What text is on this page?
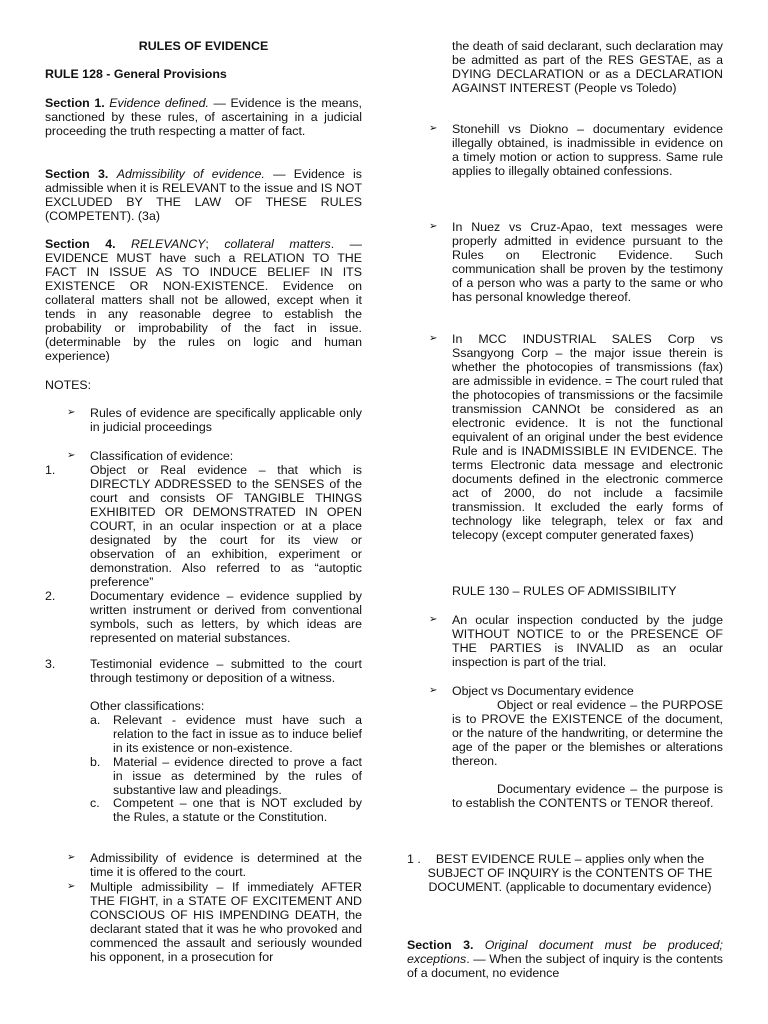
RULES OF EVIDENCE

RULE 128 - General Provisions

Section 1. Evidence defined. — Evidence is the means, sanctioned by these rules, of ascertaining in a judicial proceeding the truth respecting a matter of fact.

Section 3. Admissibility of evidence. — Evidence is admissible when it is RELEVANT to the issue and IS NOT EXCLUDED BY THE LAW OF THESE RULES (COMPETENT). (3a)

Section 4. RELEVANCY; collateral matters. — EVIDENCE MUST have such a RELATION TO THE FACT IN ISSUE AS TO INDUCE BELIEF IN ITS EXISTENCE OR NON-EXISTENCE. Evidence on collateral matters shall not be allowed, except when it tends in any reasonable degree to establish the probability or improbability of the fact in issue. (determinable by the rules on logic and human experience)

NOTES:

➢ Rules of evidence are specifically applicable only in judicial proceedings

➢ Classification of evidence:

1.	Object or Real evidence – that which is DIRECTLY ADDRESSED to the SENSES of the court and consists OF TANGIBLE THINGS EXHIBITED OR DEMONSTRATED IN OPEN COURT, in an ocular inspection or at a place designated by the court for its view or observation of an exhibition, experiment or demonstration. Also referred to as “autoptic preference”

2.	Documentary evidence – evidence supplied by written instrument or derived from conventional symbols, such as letters, by which ideas are represented on material substances.

3.	Testimonial evidence – submitted to the court through testimony or deposition of a witness.

Other classifications:

a. Relevant - evidence must have such a relation to the fact in issue as to induce belief in its existence or non-existence.

b. Material – evidence directed to prove a fact in issue as determined by the rules of substantive law and pleadings.

c. Competent – one that is NOT excluded by the Rules, a statute or the Constitution.

➢ Admissibility of evidence is determined at the time it is offered to the court.

➢ Multiple admissibility – If immediately AFTER THE FIGHT, in a STATE OF EXCITEMENT AND CONSCIOUS OF HIS IMPENDING DEATH, the declarant stated that it was he who provoked and commenced the assault and seriously wounded his opponent, in a prosecution for

the death of said declarant, such declaration may be admitted as part of the RES GESTAE, as a DYING DECLARATION or as a DECLARATION AGAINST INTEREST (People vs Toledo)

➢ Stonehill vs Diokno – documentary evidence illegally obtained, is inadmissible in evidence on a timely motion or action to suppress. Same rule applies to illegally obtained confessions.

➢ In Nuez vs Cruz-Apao, text messages were properly admitted in evidence pursuant to the Rules on Electronic Evidence. Such communication shall be proven by the testimony of a person who was a party to the same or who has personal knowledge thereof.

➢ In MCC INDUSTRIAL SALES Corp vs Ssangyong Corp – the major issue therein is whether the photocopies of transmissions (fax) are admissible in evidence. = The court ruled that the photocopies of transmissions or the facsimile transmission CANNOt be considered as an electronic evidence. It is not the functional equivalent of an original under the best evidence Rule and is INADMISSIBLE IN EVIDENCE. The terms Electronic data message and electronic documents defined in the electronic commerce act of 2000, do not include a facsimile transmission. It excluded the early forms of technology like telegraph, telex or fax and telecopy (except computer generated faxes)

RULE 130 – RULES OF ADMISSIBILITY

➢ An ocular inspection conducted by the judge WITHOUT NOTICE to or the PRESENCE OF THE PARTIES is INVALID as an ocular inspection is part of the trial.

➢ Object vs Documentary evidence

Object or real evidence – the PURPOSE is to PROVE the EXISTENCE of the document, or the nature of the handwriting, or determine the age of the paper or the blemishes or alterations thereon.

Documentary evidence – the purpose is to establish the CONTENTS or TENOR thereof.

1 .	BEST EVIDENCE RULE – applies only when the SUBJECT OF INQUIRY is the CONTENTS OF THE DOCUMENT. (applicable to documentary evidence)

Section 3. Original document must be produced; exceptions. — When the subject of inquiry is the contents of a document, no evidence
